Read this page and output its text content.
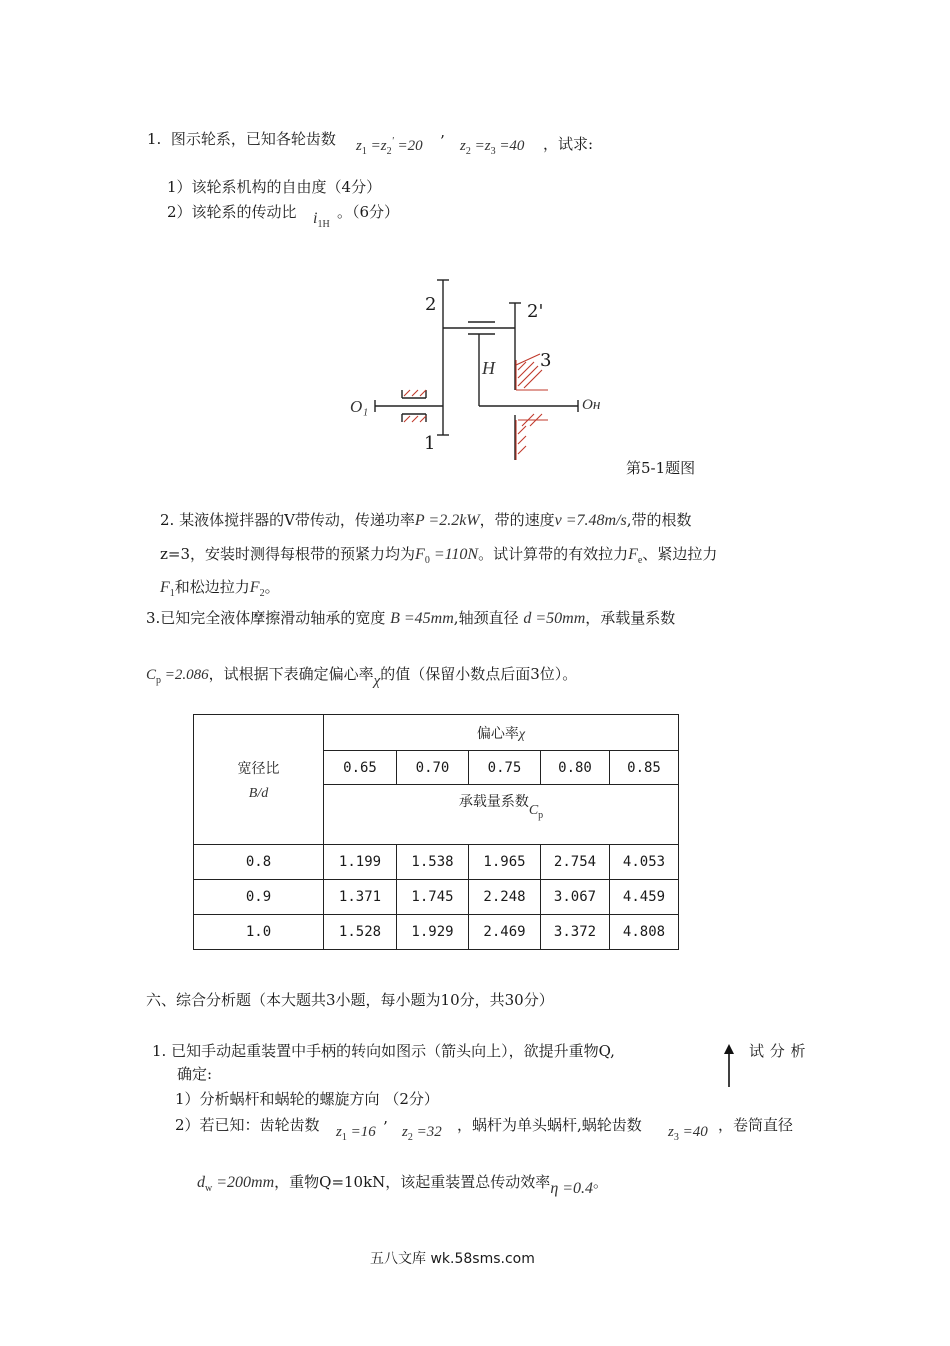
1. 图示轮系，已知各轮齿数 $z_1 =z_2' =20$ ’ $z_2 =z_3 =40$ ，试求:
1）该轮系机构的自由度（4分）
2）该轮系的传动比 $i_{1H}$
。（6分）
2	2'
3
H
O₁	Oʜ
1
第5-1题图
2. 某液体搅拌器的V带传动，传递功率P =2.2kW，带的速度v =7.48m/s,带的根数
z=3，安装时测得每根带的预紧力均为$F_0 =110N$。试计算带的有效拉力$F_e$、紧边拉力
$F_1$和松边拉力$F_2$。
3.已知完全液体摩擦滑动轴承的宽度 B =45mm,轴颈直径 d =50mm，承载量系数
$C_p =2.086$，试根据下表确定偏心率χ的值（保留小数点后面3位）。
宽径比
B/d	偏心率χ				
	0.65	0.70	0.75	0.80	0.85
	承载量系数$C_p$
0.8	1.199	1.538	1.965	2.754	4.053
0.9	1.371	1.745	2.248	3.067	4.459
1.0	1.528	1.929	2.469	3.372	4.808
六、综合分析题（本大题共3小题，每小题为10分，共30分）
1. 已知手动起重装置中手柄的转向如图示（箭头向上），欲提升重物Q,	试 分 析
确定:
1）分析蜗杆和蜗轮的螺旋方向 （2分）
2）若已知：齿轮齿数 $z_1 =16$ ’ $z_2 =32$ ，蜗杆为单头蜗杆,蜗轮齿数 $z_3 =40$ ，卷筒直径
$d_w =200mm$，重物Q=10kN，该起重装置总传动效率η =0.4。
五八文库 wk.58sms.com
